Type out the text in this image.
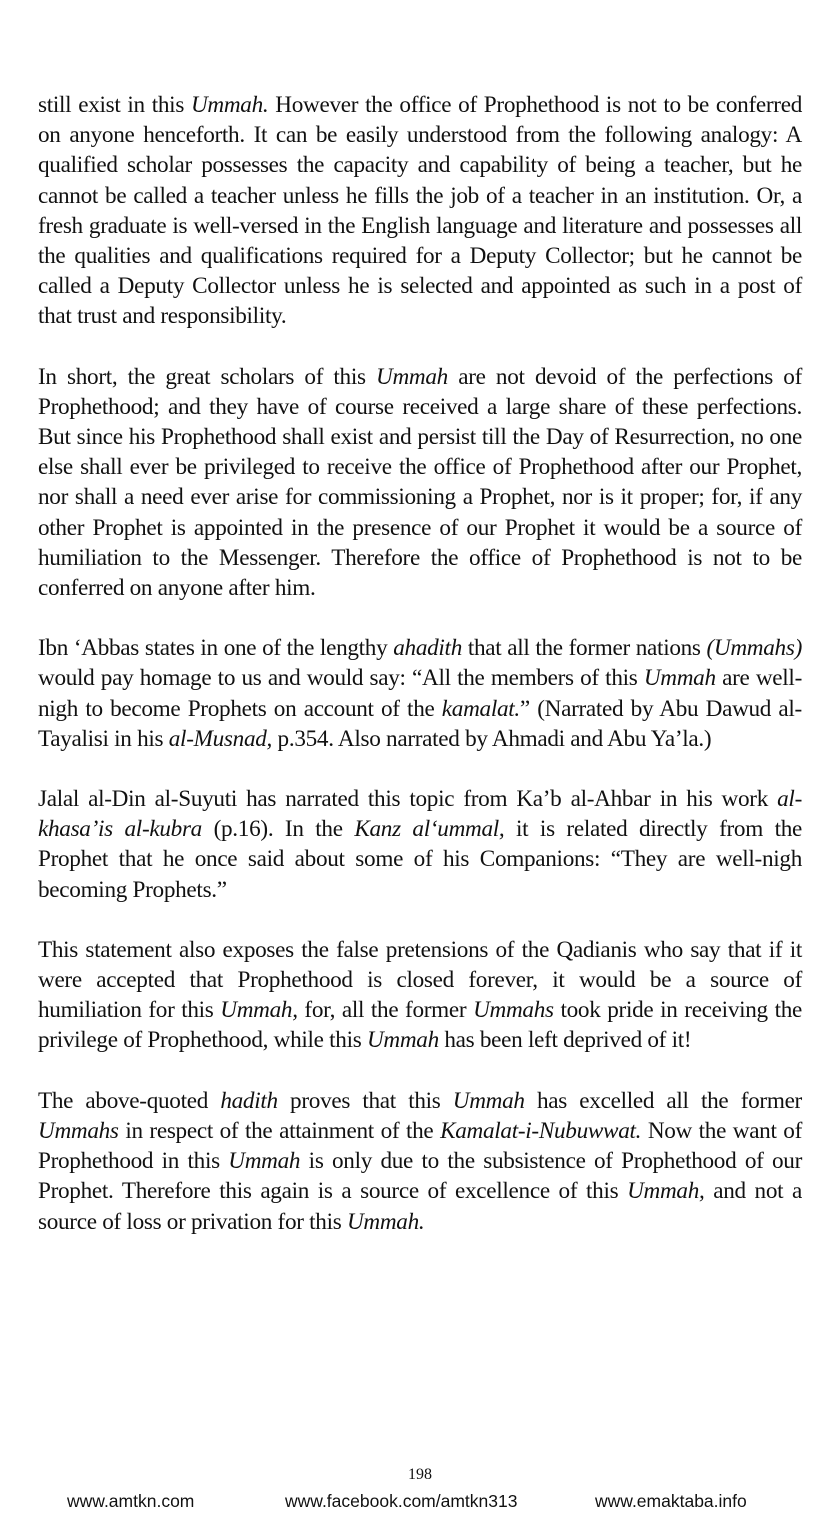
still exist in this Ummah. However the office of Prophethood is not to be conferred on anyone henceforth. It can be easily understood from the following analogy: A qualified scholar possesses the capacity and capability of being a teacher, but he cannot be called a teacher unless he fills the job of a teacher in an institution. Or, a fresh graduate is well-versed in the English language and literature and possesses all the qualities and qualifications required for a Deputy Collector; but he cannot be called a Deputy Collector unless he is selected and appointed as such in a post of that trust and responsibility.

In short, the great scholars of this Ummah are not devoid of the perfections of Prophethood; and they have of course received a large share of these perfections. But since his Prophethood shall exist and persist till the Day of Resurrection, no one else shall ever be privileged to receive the office of Prophethood after our Prophet, nor shall a need ever arise for commissioning a Prophet, nor is it proper; for, if any other Prophet is appointed in the presence of our Prophet it would be a source of humiliation to the Messenger. Therefore the office of Prophethood is not to be conferred on anyone after him.

Ibn ‘Abbas states in one of the lengthy ahadith that all the former nations (Ummahs) would pay homage to us and would say: “All the members of this Ummah are well-nigh to become Prophets on account of the kamalat.” (Narrated by Abu Dawud al-Tayalisi in his al-Musnad, p.354. Also narrated by Ahmadi and Abu Ya’la.)

Jalal al-Din al-Suyuti has narrated this topic from Ka’b al-Ahbar in his work al-khasa’is al-kubra (p.16). In the Kanz al‘ummal, it is related directly from the Prophet that he once said about some of his Companions: “They are well-nigh becoming Prophets.”

This statement also exposes the false pretensions of the Qadianis who say that if it were accepted that Prophethood is closed forever, it would be a source of humiliation for this Ummah, for, all the former Ummahs took pride in receiving the privilege of Prophethood, while this Ummah has been left deprived of it!

The above-quoted hadith proves that this Ummah has excelled all the former Ummahs in respect of the attainment of the Kamalat-i-Nubuwwat. Now the want of Prophethood in this Ummah is only due to the subsistence of Prophethood of our Prophet. Therefore this again is a source of excellence of this Ummah, and not a source of loss or privation for this Ummah.

198
www.amtkn.com	www.facebook.com/amtkn313	www.emaktaba.info
